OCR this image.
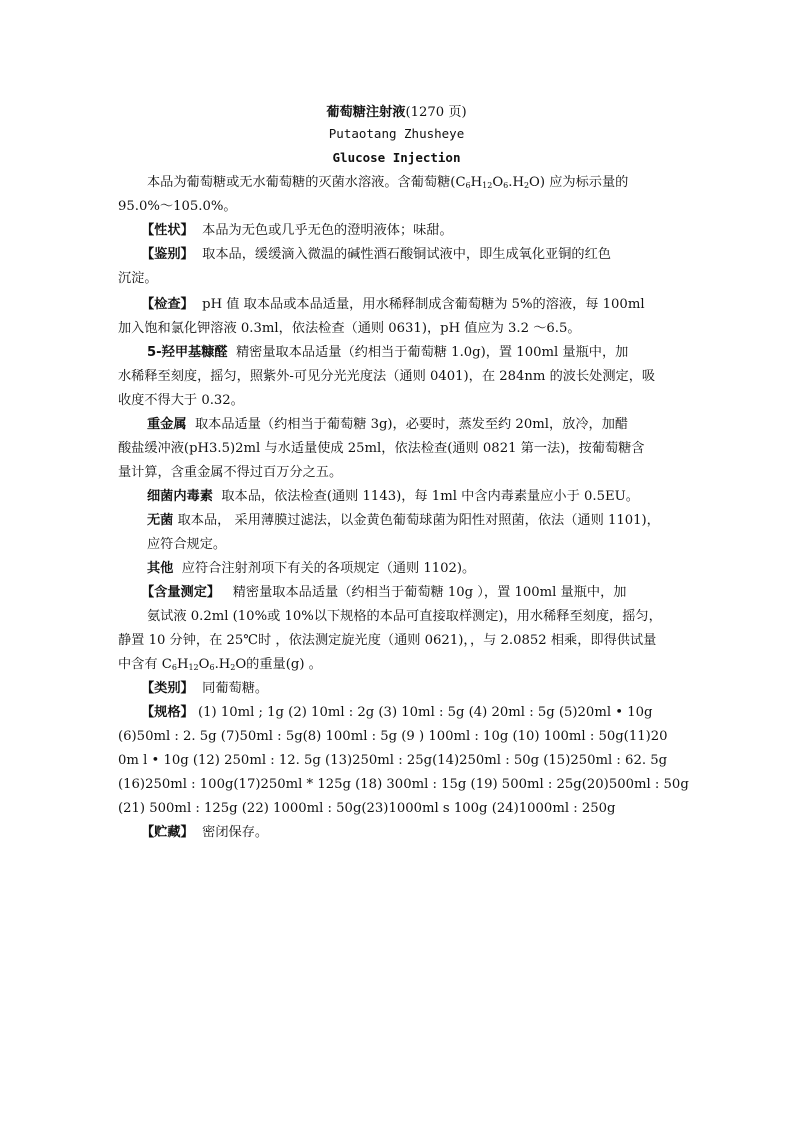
葡萄糖注射液(1270 页)
Putaotang Zhusheye
Glucose Injection
本品为葡萄糖或无水葡萄糖的灭菌水溶液。含葡萄糖$(C_6H_{12}O_6.H_2O)$ 应为标示量的
95.0%～105.0%。
【性状】 本品为无色或几乎无色的澄明液体；味甜。
【鉴别】 取本品，缓缓滴入微温的碱性酒石酸铜试液中，即生成氧化亚铜的红色
沉淀。
【检查】 pH 值 取本品或本品适量，用水稀释制成含葡萄糖为 5%的溶液，每 100ml
加入饱和氯化钾溶液 0.3ml，依法检查（通则 0631)，pH 值应为 3.2 ～6.5。
5-羟甲基糠醛 精密量取本品适量（约相当于葡萄糖 1.0g)，置 100ml 量瓶中，加
水稀释至刻度，摇匀，照紫外-可见分光光度法（通则 0401)，在 284nm 的波长处测定，吸
收度不得大于 0.32。
重金属 取本品适量（约相当于葡萄糖 3g)，必要时，蒸发至约 20ml，放冷，加醋
酸盐缓冲液(pH3.5)2ml 与水适量使成 25ml，依法检查(通则 0821 第一法)，按葡萄糖含
量计算，含重金属不得过百万分之五。
细菌内毒素 取本品，依法检查(通则 1143)，每 1ml 中含内毒素量应小于 0.5EU。
无菌 取本品， 采用薄膜过滤法，以金黄色葡萄球菌为阳性对照菌，依法（通则 1101)，
应符合规定。
其他 应符合注射剂项下有关的各项规定（通则 1102)。
【含量测定】 精密量取本品适量（约相当于葡萄糖 10g ），置 100ml 量瓶中，加
氨试液 0.2ml (10%或 10%以下规格的本品可直接取样测定)，用水稀释至刻度，摇匀，
静置 10 分钟，在 25℃时 ，依法测定旋光度（通则 0621)，，与 2.0852 相乘，即得供试量
中含有 $C_6H_{12}O_6.H_2O$的重量(g) 。
【类别】 同葡萄糖。
【规格】 (1) 10ml ; 1g (2) 10ml : 2g (3) 10ml : 5g (4) 20ml : 5g (5)20ml • 10g
(6)50ml : 2. 5g (7)50ml : 5g(8) 100ml : 5g (9 ) 100ml : 10g (10) 100ml : 50g(11)20
0m l • 10g (12) 250ml : 12. 5g (13)250ml : 25g(14)250ml : 50g (15)250ml : 62. 5g
(16)250ml : 100g(17)250ml * 125g (18) 300ml : 15g (19) 500ml : 25g(20)500ml : 50g
(21) 500ml : 125g (22) 1000ml : 50g(23)1000ml s 100g (24)1000ml : 250g
【贮藏】 密闭保存。
